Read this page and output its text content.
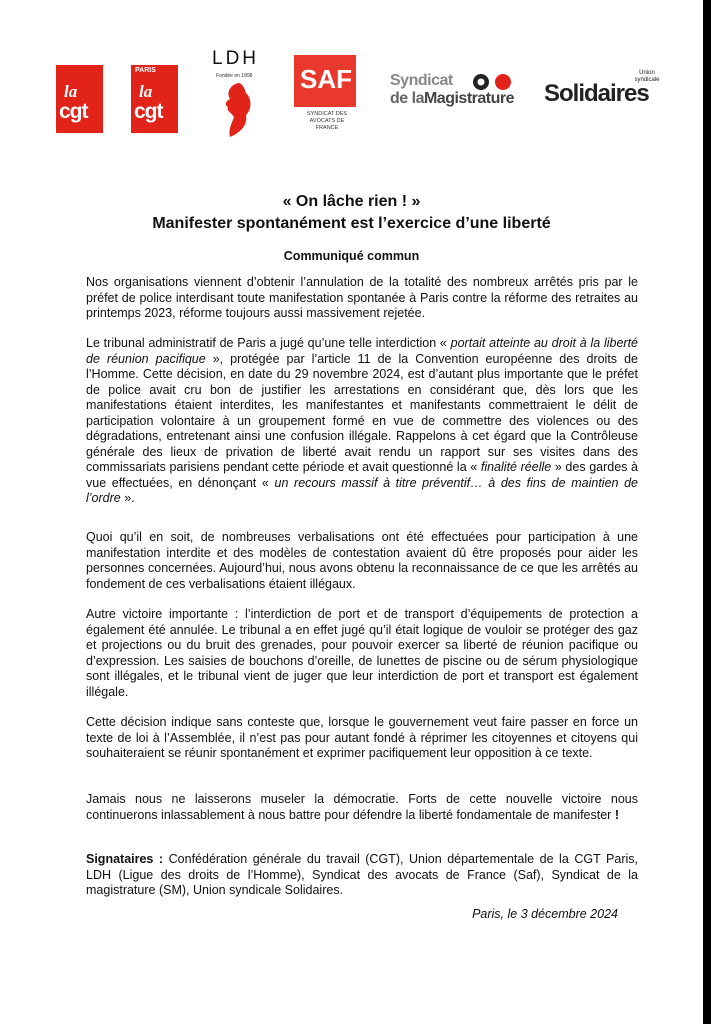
la
cgt
PARIS
la
cgt
LDH
Fondée en 1898 SAF
SYNDICAT DES AVOCATS DE FRANCE
Syndicat
de laMagistrature
Union syndicale
Solidaires
« On lâche rien ! »
Manifester spontanément est l’exercice d’une liberté
Communiqué commun

Nos organisations viennent d’obtenir l’annulation de la totalité des nombreux arrêtés pris par le préfet de police interdisant toute manifestation spontanée à Paris contre la réforme des retraites au printemps 2023, réforme toujours aussi massivement rejetée.

Le tribunal administratif de Paris a jugé qu’une telle interdiction « portait atteinte au droit à la liberté de réunion pacifique », protégée par l’article 11 de la Convention européenne des droits de l’Homme. Cette décision, en date du 29 novembre 2024, est d’autant plus importante que le préfet de police avait cru bon de justifier les arrestations en considérant que, dès lors que les manifestations étaient interdites, les manifestantes et manifestants commettraient le délit de participation volontaire à un groupement formé en vue de commettre des violences ou des dégradations, entretenant ainsi une confusion illégale. Rappelons à cet égard que la Contrôleuse générale des lieux de privation de liberté avait rendu un rapport sur ses visites dans des commissariats parisiens pendant cette période et avait questionné la « finalité réelle » des gardes à vue effectuées, en dénonçant « un recours massif à titre préventif… à des fins de maintien de l’ordre ».

Quoi qu’il en soit, de nombreuses verbalisations ont été effectuées pour participation à une manifestation interdite et des modèles de contestation avaient dû être proposés pour aider les personnes concernées. Aujourd’hui, nous avons obtenu la reconnaissance de ce que les arrêtés au fondement de ces verbalisations étaient illégaux.

Autre victoire importante : l’interdiction de port et de transport d’équipements de protection a également été annulée. Le tribunal a en effet jugé qu’il était logique de vouloir se protéger des gaz et projections ou du bruit des grenades, pour pouvoir exercer sa liberté de réunion pacifique ou d’expression. Les saisies de bouchons d’oreille, de lunettes de piscine ou de sérum physiologique sont illégales, et le tribunal vient de juger que leur interdiction de port et transport est également illégale.

Cette décision indique sans conteste que, lorsque le gouvernement veut faire passer en force un texte de loi à l’Assemblée, il n’est pas pour autant fondé à réprimer les citoyennes et citoyens qui souhaiteraient se réunir spontanément et exprimer pacifiquement leur opposition à ce texte.

Jamais nous ne laisserons museler la démocratie. Forts de cette nouvelle victoire nous continuerons inlassablement à nous battre pour défendre la liberté fondamentale de manifester !

Signataires : Confédération générale du travail (CGT), Union départementale de la CGT Paris, LDH (Ligue des droits de l’Homme), Syndicat des avocats de France (Saf), Syndicat de la magistrature (SM), Union syndicale Solidaires.

Paris, le 3 décembre 2024
